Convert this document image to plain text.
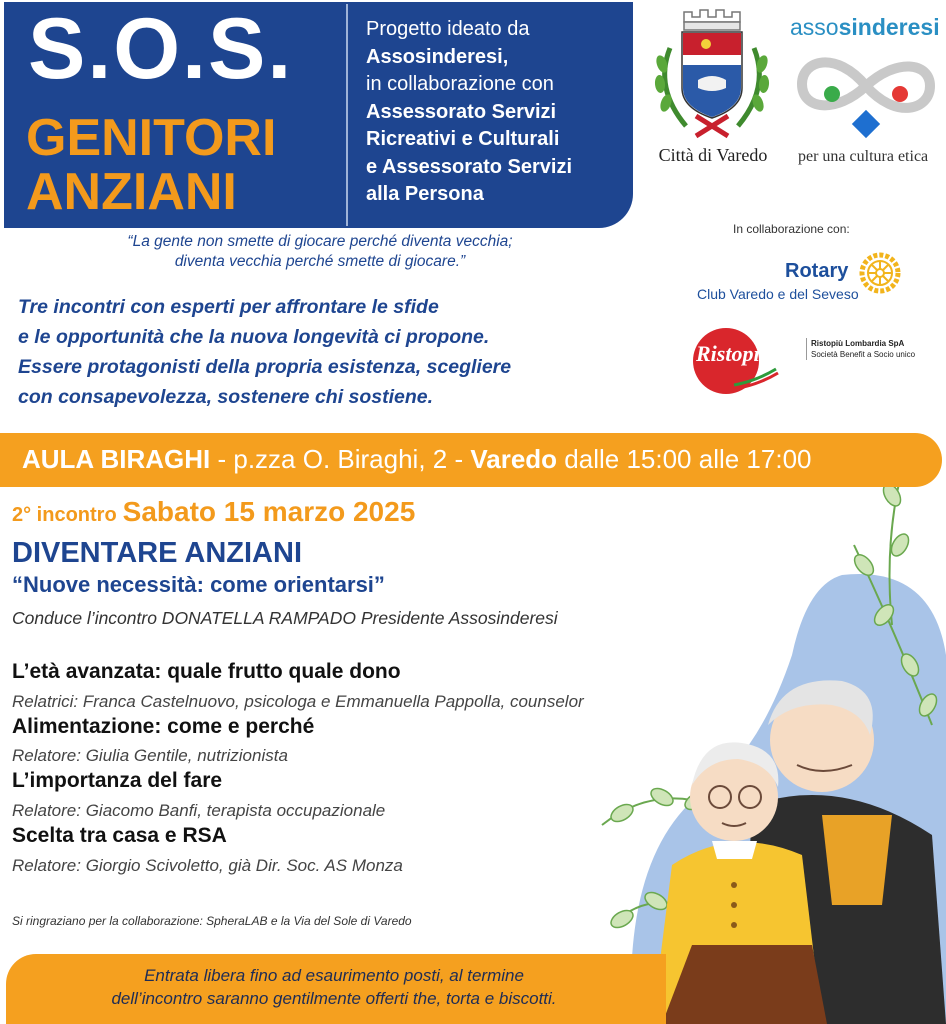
S.O.S.
GENITORI
ANZIANI
Progetto ideato da
Assosinderesi,
in collaborazione con
Assessorato Servizi
Ricreativi e Culturali
e Assessorato Servizi
alla Persona
Città di Varedo
assosinderesi
per una cultura etica
In collaborazione con:
Rotary
Club Varedo e del Seveso
Ristopiù	Ristopiù Lombardia SpA
Società Benefit a Socio unico
“La gente non smette di giocare perché diventa vecchia;
diventa vecchia perché smette di giocare.”
Tre incontri con esperti per affrontare le sfide
e le opportunità che la nuova longevità ci propone.
Essere protagonisti della propria esistenza, scegliere
con consapevolezza, sostenere chi sostiene.
AULA BIRAGHI - p.zza O. Biraghi, 2 - Varedo dalle 15:00 alle 17:00
2° incontro Sabato 15 marzo 2025
DIVENTARE ANZIANI
“Nuove necessità: come orientarsi”
Conduce l’incontro DONATELLA RAMPADO Presidente Assosinderesi
L’età avanzata: quale frutto quale dono
Relatrici: Franca Castelnuovo, psicologa e Emmanuella Pappolla, counselor
Alimentazione: come e perché
Relatore: Giulia Gentile, nutrizionista
L’importanza del fare
Relatore: Giacomo Banfi, terapista occupazionale
Scelta tra casa e RSA
Relatore: Giorgio Scivoletto, già Dir. Soc. AS Monza
Si ringraziano per la collaborazione: SpheraLAB e la Via del Sole di Varedo
Entrata libera fino ad esaurimento posti, al termine
dell’incontro saranno gentilmente offerti the, torta e biscotti.
